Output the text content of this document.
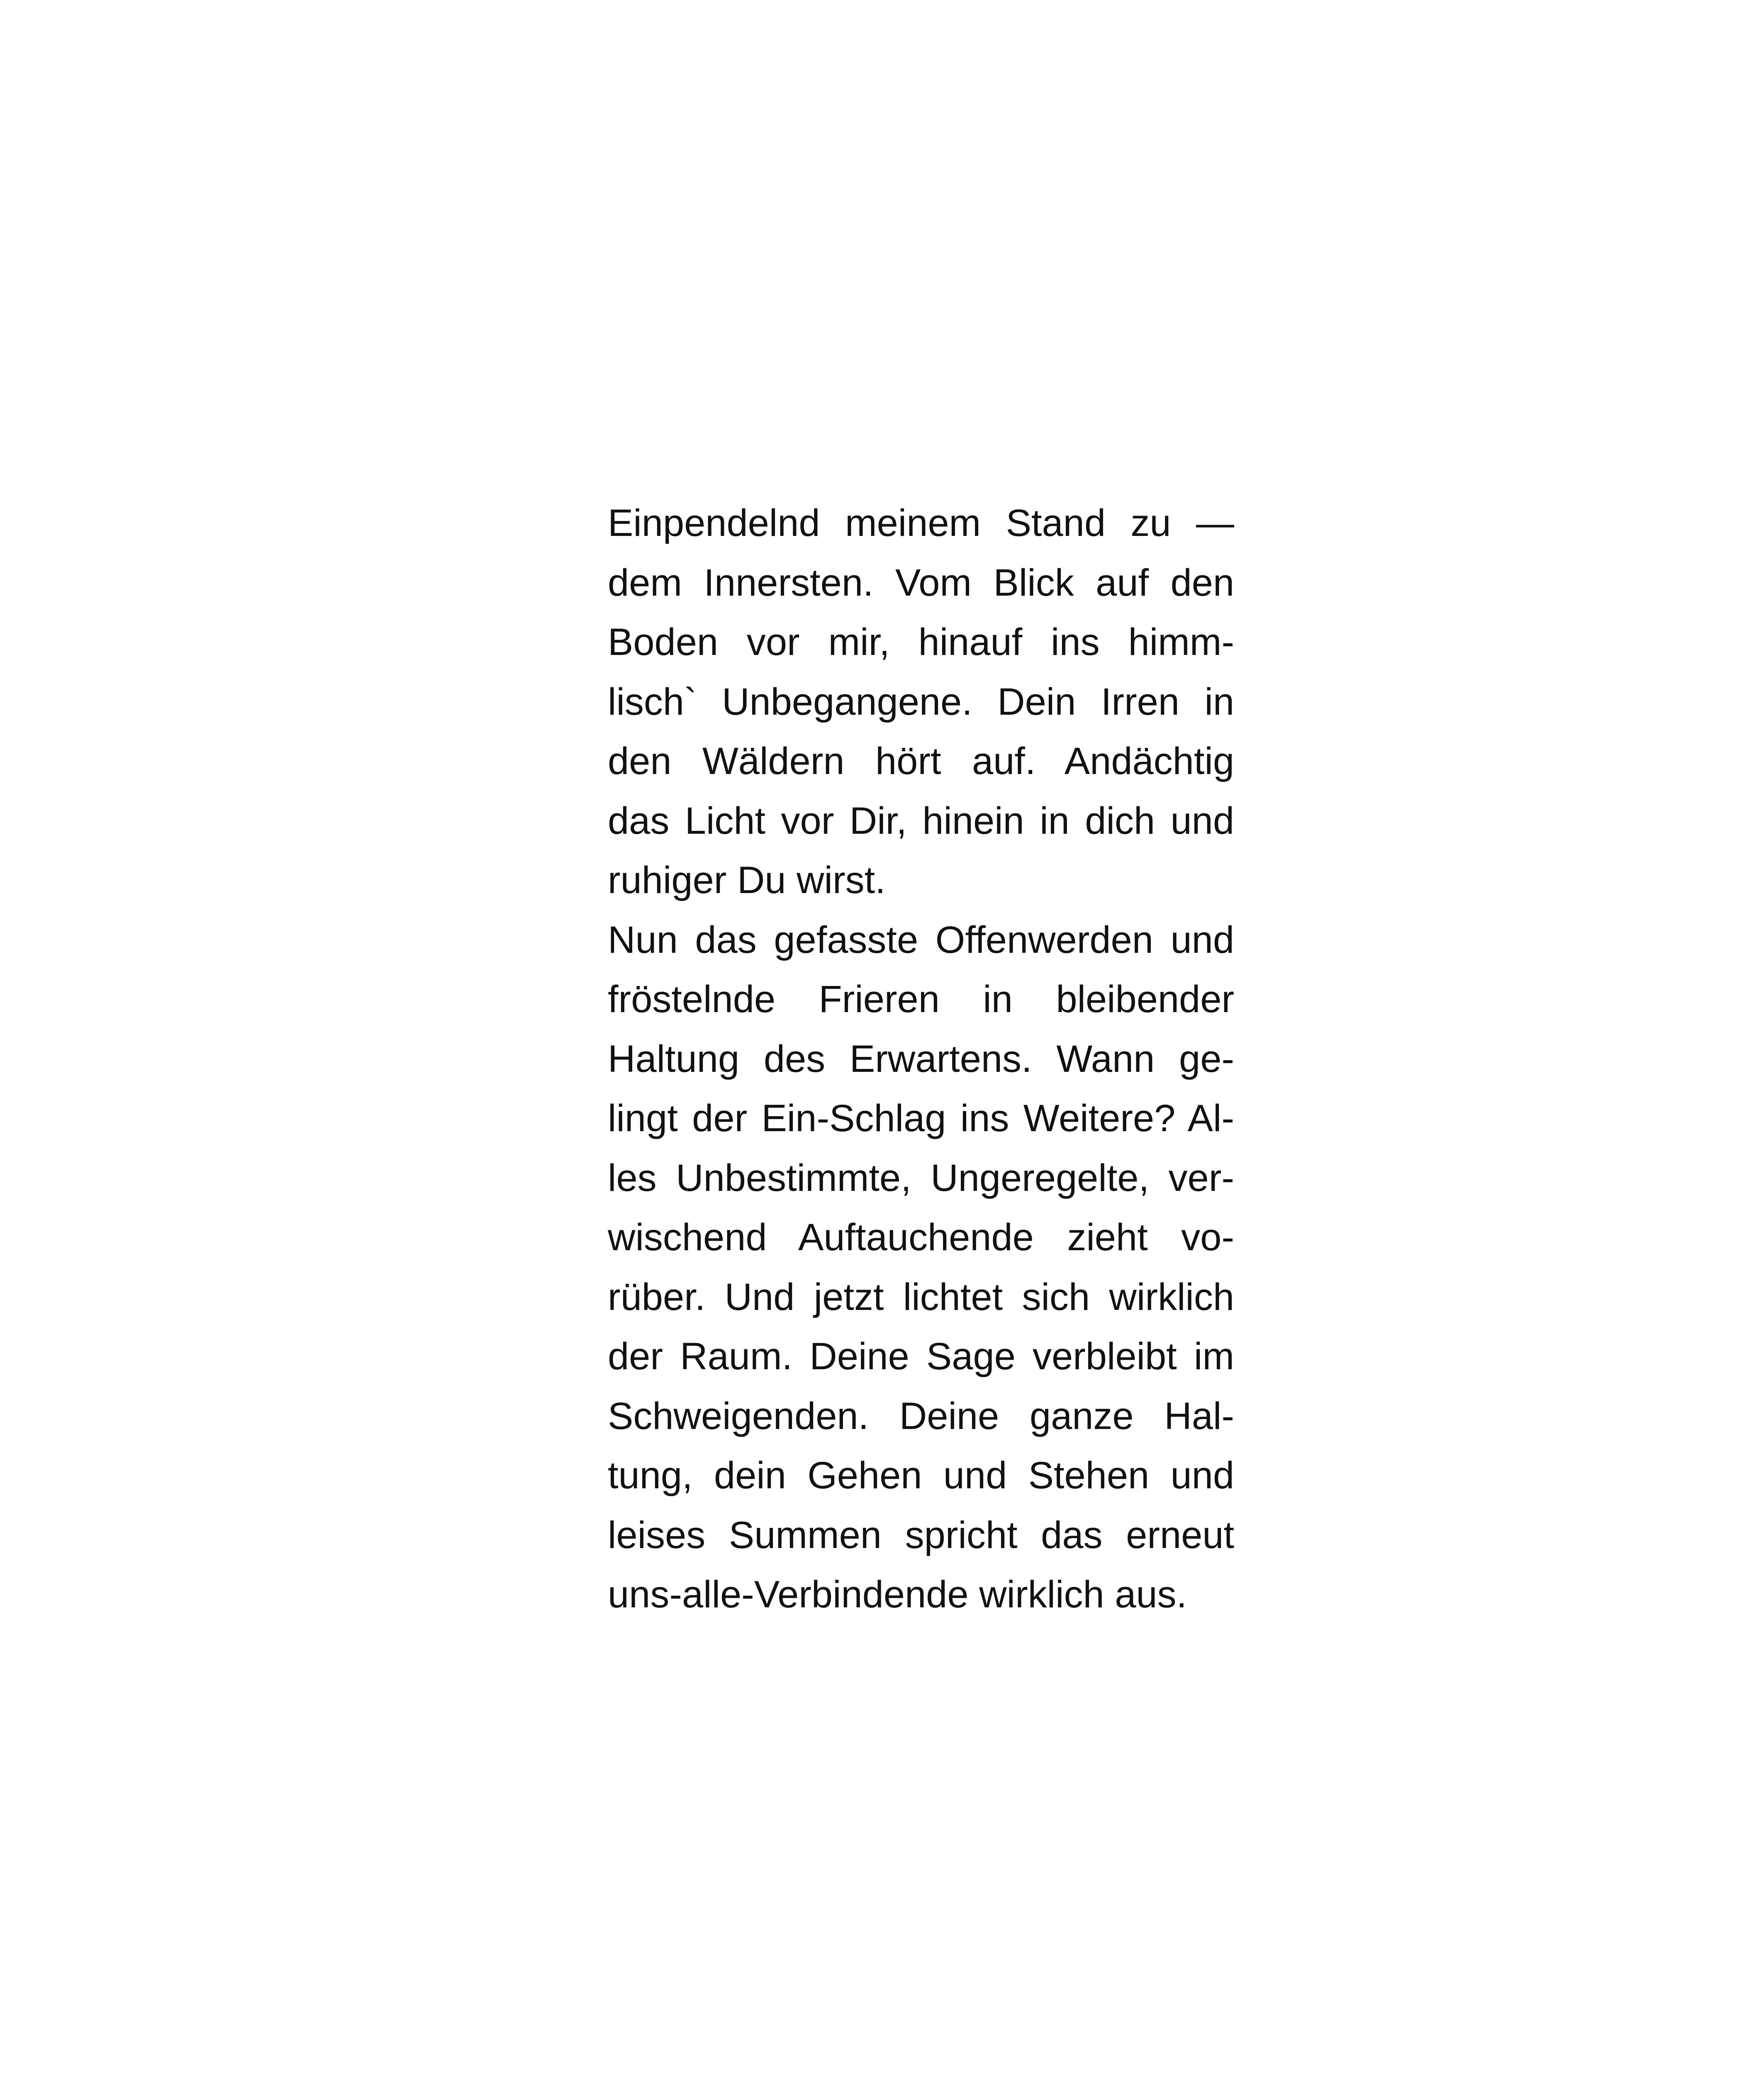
Einpendelnd meinem Stand zu —
dem Innersten. Vom Blick auf den
Boden vor mir, hinauf ins himm-
lisch` Unbegangene. Dein Irren in
den Wäldern hört auf. Andächtig
das Licht vor Dir, hinein in dich und
ruhiger Du wirst.
Nun das gefasste Offenwerden und
fröstelnde Frieren in bleibender
Haltung des Erwartens. Wann ge-
lingt der Ein-Schlag ins Weitere? Al-
les Unbestimmte, Ungeregelte, ver-
wischend Auftauchende zieht vo-
rüber. Und jetzt lichtet sich wirklich
der Raum. Deine Sage verbleibt im
Schweigenden. Deine ganze Hal-
tung, dein Gehen und Stehen und
leises Summen spricht das erneut
uns-alle-Verbindende wirklich aus.
